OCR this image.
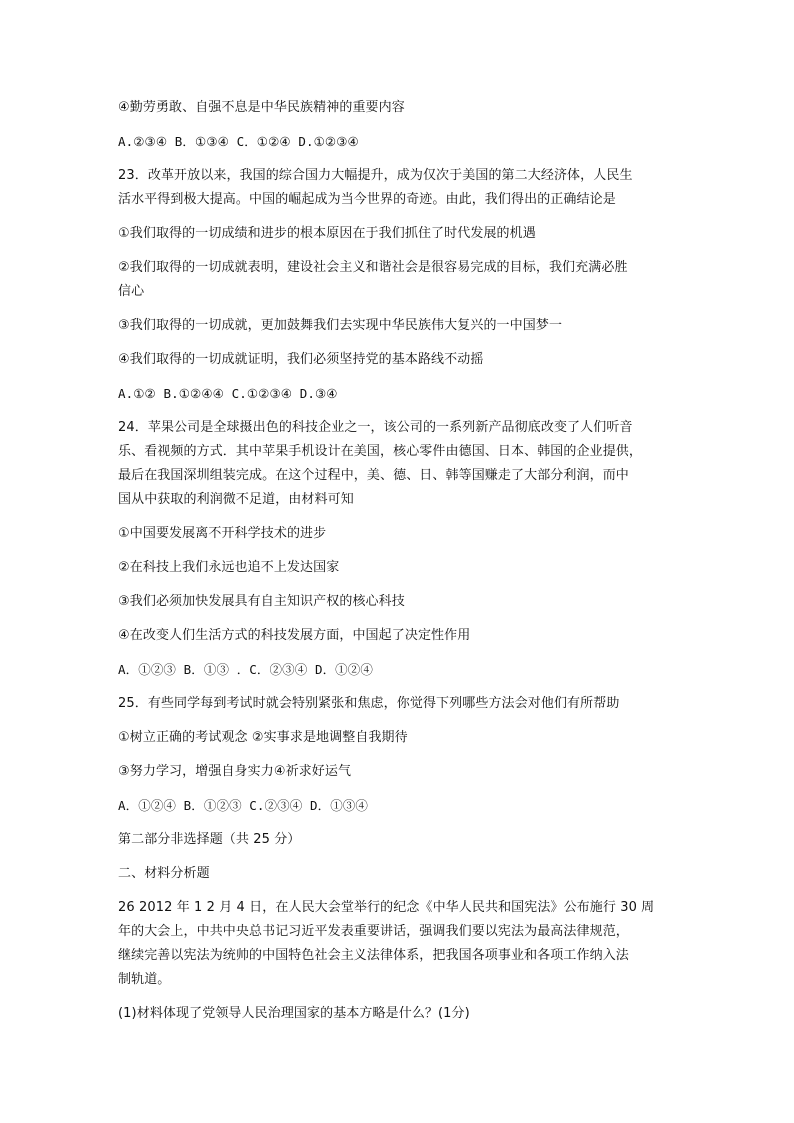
④勤劳勇敢、自强不息是中华民族精神的重要内容
A.②③④ B．①③④ C．①②④ D.①②③④
23．改革开放以来，我国的综合国力大幅提升，成为仅次于美国的第二大经济体，人民生
活水平得到极大提高。中国的崛起成为当今世界的奇迹。由此，我们得出的正确结论是
①我们取得的一切成绩和进步的根本原因在于我们抓住了时代发展的机遇
②我们取得的一切成就表明，建设社会主义和谐社会是很容易完成的目标，我们充满必胜
信心
③我们取得的一切成就，更加鼓舞我们去实现中华民族伟大复兴的一中国梦一
④我们取得的一切成就证明，我们必须坚持党的基本路线不动摇
A.①② B.①②④④ C.①②③④ D.③④
24．苹果公司是全球摄出色的科技企业之一，该公司的一系列新产品彻底改变了人们听音
乐、看视频的方式．其中苹果手机设计在美国，核心零件由德国、日本、韩国的企业提供，
最后在我国深圳组装完成。在这个过程中，美、德、日、韩等国赚走了大部分利润，而中
国从中获取的利润微不足道，由材料可知
①中国要发展离不开科学技术的进步
②在科技上我们永远也追不上发达国家
③我们必须加快发展具有自主知识产权的核心科技
④在改变人们生活方式的科技发展方面，中国起了决定性作用
A．①②③ B．①③ ．C．②③④ D．①②④
25．有些同学每到考试时就会特别紧张和焦虑，你觉得下列哪些方法会对他们有所帮助
①树立正确的考试观念 ②实事求是地调整自我期待
③努力学习，增强自身实力④祈求好运气
A．①②④ B．①②③ C.②③④ D．①③④
第二部分非选择题（共 25 分）
二、材料分析题
26 2012 年 1 2 月 4 日，在人民大会堂举行的纪念《中华人民共和国宪法》公布施行 30 周
年的大会上，中共中央总书记习近平发表重要讲话，强调我们要以宪法为最高法律规范，
继续完善以宪法为统帅的中国特色社会主义法律体系，把我国各项事业和各项工作纳入法
制轨道。
(1)材料体现了党领导人民治理国家的基本方略是什么？(1分)
